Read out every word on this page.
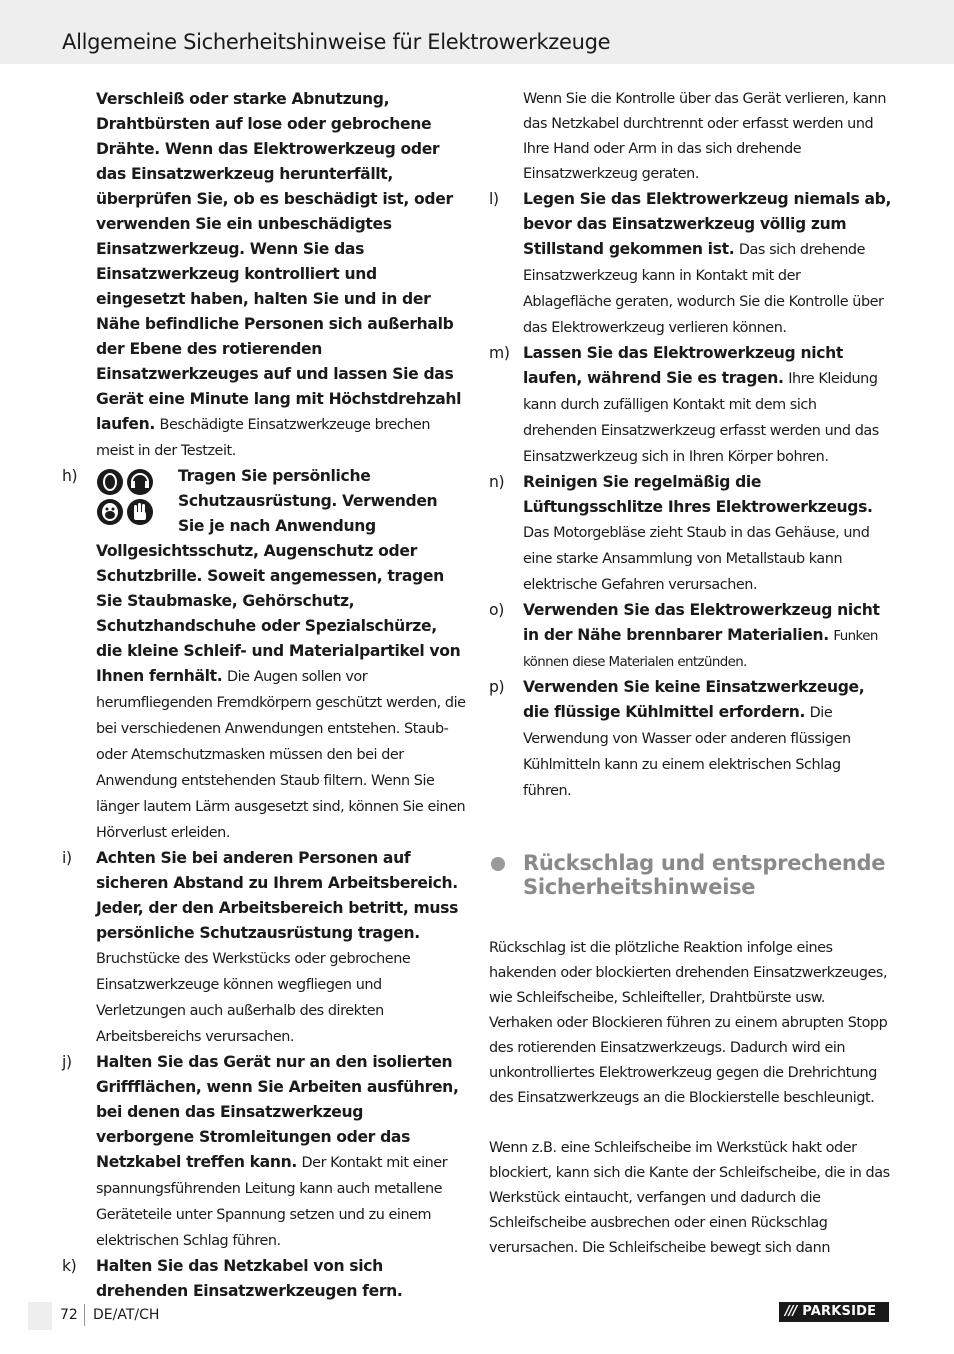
Allgemeine Sicherheitshinweise für Elektrowerkzeuge

Verschleiß oder starke Abnutzung, Drahtbürsten auf lose oder gebrochene Drähte. Wenn das Elektrowerkzeug oder das Einsatzwerkzeug herunterfällt, überprüfen Sie, ob es beschädigt ist, oder verwenden Sie ein unbeschädigtes Einsatzwerkzeug. Wenn Sie das Einsatzwerkzeug kontrolliert und eingesetzt haben, halten Sie und in der Nähe befindliche Personen sich außerhalb der Ebene des rotierenden Einsatzwerkzeuges auf und lassen Sie das Gerät eine Minute lang mit Höchstdrehzahl laufen. Beschädigte Einsatzwerkzeuge brechen meist in der Testzeit.

h)	Tragen Sie persönliche Schutzausrüstung. Verwenden Sie je nach Anwendung Vollgesichtsschutz, Augenschutz oder Schutzbrille. Soweit angemessen, tragen Sie Staubmaske, Gehörschutz, Schutzhandschuhe oder Spezialschürze, die kleine Schleif- und Materialpartikel von Ihnen fernhält. Die Augen sollen vor herumfliegenden Fremdkörpern geschützt werden, die bei verschiedenen Anwendungen entstehen. Staub- oder Atemschutzmasken müssen den bei der Anwendung entstehenden Staub filtern. Wenn Sie länger lautem Lärm ausgesetzt sind, können Sie einen Hörverlust erleiden.

i)	Achten Sie bei anderen Personen auf sicheren Abstand zu Ihrem Arbeitsbereich. Jeder, der den Arbeitsbereich betritt, muss persönliche Schutzausrüstung tragen. Bruchstücke des Werkstücks oder gebrochene Einsatzwerkzeuge können wegfliegen und Verletzungen auch außerhalb des direkten Arbeitsbereichs verursachen.

j)	Halten Sie das Gerät nur an den isolierten Griffflächen, wenn Sie Arbeiten ausführen, bei denen das Einsatzwerkzeug verborgene Stromleitungen oder das Netzkabel treffen kann. Der Kontakt mit einer spannungsführenden Leitung kann auch metallene Geräteteile unter Spannung setzen und zu einem elektrischen Schlag führen.

k)	Halten Sie das Netzkabel von sich drehenden Einsatzwerkzeugen fern.

Wenn Sie die Kontrolle über das Gerät verlieren, kann das Netzkabel durchtrennt oder erfasst werden und Ihre Hand oder Arm in das sich drehende Einsatzwerkzeug geraten.

l)	Legen Sie das Elektrowerkzeug niemals ab, bevor das Einsatzwerkzeug völlig zum Stillstand gekommen ist. Das sich drehende Einsatzwerkzeug kann in Kontakt mit der Ablagefläche geraten, wodurch Sie die Kontrolle über das Elektrowerkzeug verlieren können.

m) Lassen Sie das Elektrowerkzeug nicht laufen, während Sie es tragen. Ihre Kleidung kann durch zufälligen Kontakt mit dem sich drehenden Einsatzwerkzeug erfasst werden und das Einsatzwerkzeug sich in Ihren Körper bohren.

n)	Reinigen Sie regelmäßig die Lüftungsschlitze Ihres Elektrowerkzeugs. Das Motorgebläse zieht Staub in das Gehäuse, und eine starke Ansammlung von Metallstaub kann elektrische Gefahren verursachen.

o)	Verwenden Sie das Elektrowerkzeug nicht in der Nähe brennbarer Materialien. Funken können diese Materialen entzünden.

p)	Verwenden Sie keine Einsatzwerkzeuge, die flüssige Kühlmittel erfordern. Die Verwendung von Wasser oder anderen flüssigen Kühlmitteln kann zu einem elektrischen Schlag führen.

Rückschlag und entsprechende Sicherheitshinweise

Rückschlag ist die plötzliche Reaktion infolge eines hakenden oder blockierten drehenden Einsatzwerkzeuges, wie Schleifscheibe, Schleifteller, Drahtbürste usw. Verhaken oder Blockieren führen zu einem abrupten Stopp des rotierenden Einsatzwerkzeugs. Dadurch wird ein unkontrolliertes Elektrowerkzeug gegen die Drehrichtung des Einsatzwerkzeugs an die Blockierstelle beschleunigt.

Wenn z.B. eine Schleifscheibe im Werkstück hakt oder blockiert, kann sich die Kante der Schleifscheibe, die in das Werkstück eintaucht, verfangen und dadurch die Schleifscheibe ausbrechen oder einen Rückschlag verursachen. Die Schleifscheibe bewegt sich dann

72 DE/AT/CH	/// PARKSIDE
